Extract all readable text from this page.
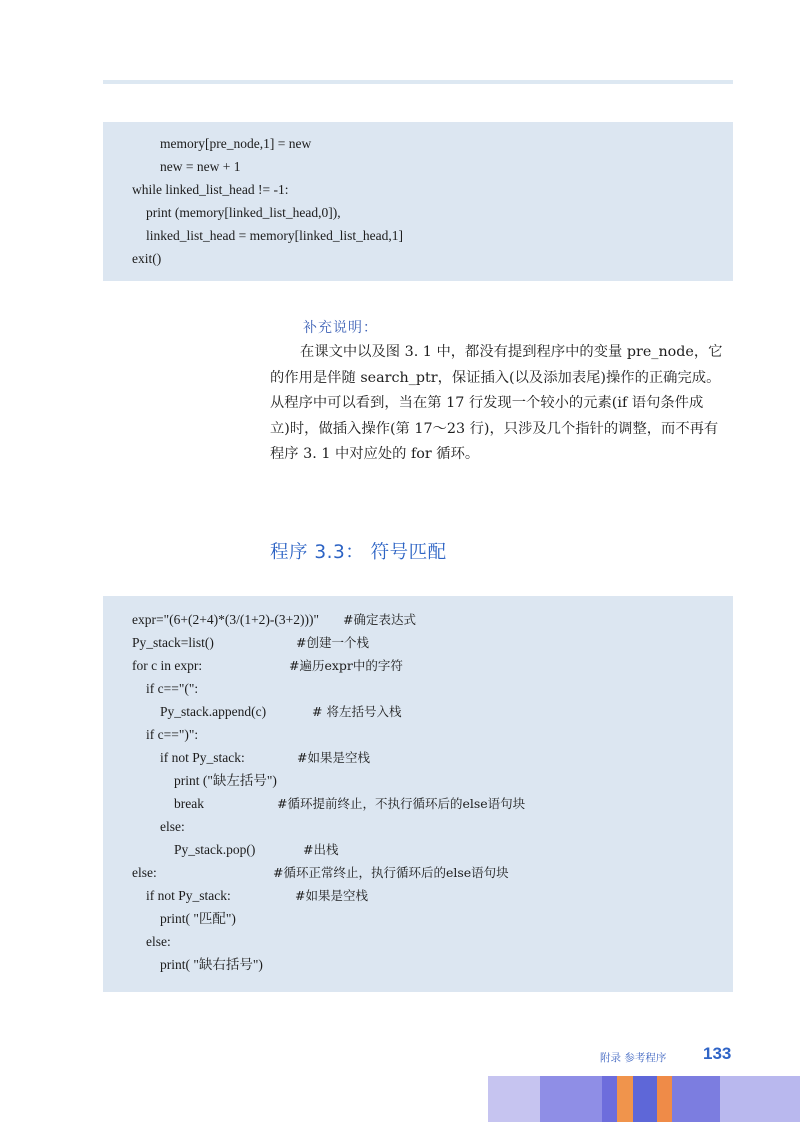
memory[pre_node,1] = new
new = new + 1
while linked_list_head != -1:
print (memory[linked_list_head,0]),
linked_list_head = memory[linked_list_head,1]
exit()
补充说明：
在课文中以及图 3. 1 中，都没有提到程序中的变量 pre_node，它
的作用是伴随 search_ptr，保证插入(以及添加表尾)操作的正确完成。
从程序中可以看到，当在第 17 行发现一个较小的元素(if 语句条件成
立)时，做插入操作(第 17～23 行)，只涉及几个指针的调整，而不再有
程序 3. 1 中对应处的 for 循环。
程序 3.3： 符号匹配
expr="(6+(2+4)*(3/(1+2)-(3+2)))" #确定表达式
Py_stack=list()	#创建一个栈
for c in expr:	#遍历expr中的字符
if c=="(":
Py_stack.append(c)	# 将左括号入栈
if c==")":
if not Py_stack:	#如果是空栈
print ("缺左括号")
break	#循环提前终止，不执行循环后的else语句块
else:
Py_stack.pop()	#出栈
else:	#循环正常终止，执行循环后的else语句块
if not Py_stack:	#如果是空栈
print( "匹配")
else:
print( "缺右括号")
附录 参考程序 133
